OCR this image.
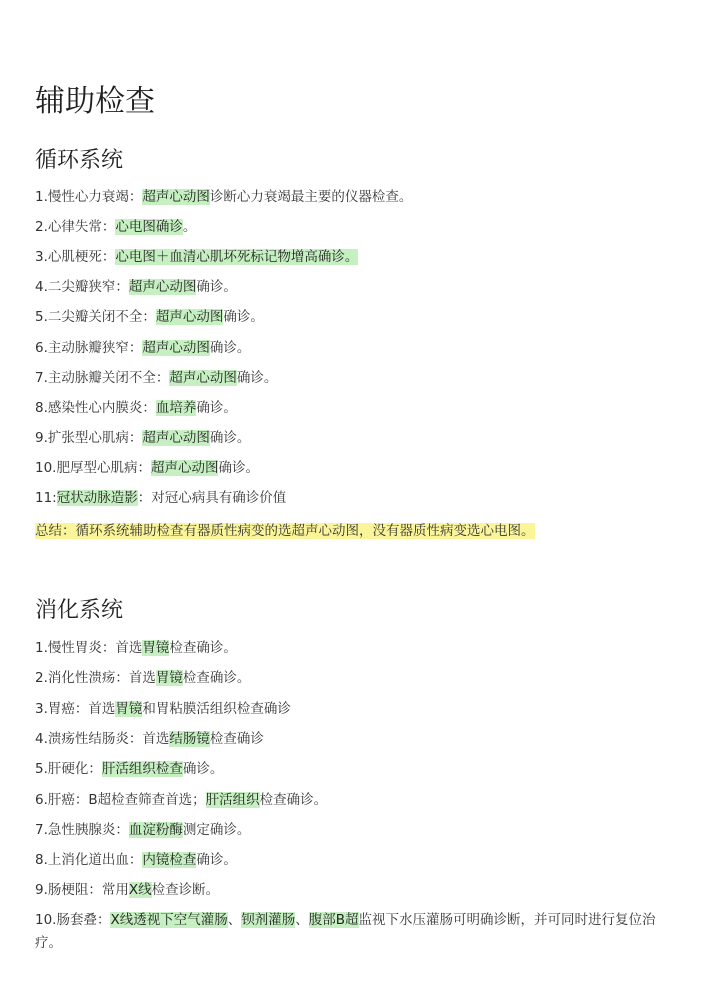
辅助检查
循环系统
1.慢性心力衰竭：超声心动图诊断心力衰竭最主要的仪器检查。
2.心律失常：心电图确诊。
3.心肌梗死：心电图＋血清心肌坏死标记物增高确诊。
4.二尖瓣狭窄：超声心动图确诊。
5.二尖瓣关闭不全：超声心动图确诊。
6.主动脉瓣狭窄：超声心动图确诊。
7.主动脉瓣关闭不全：超声心动图确诊。
8.感染性心内膜炎：血培养确诊。
9.扩张型心肌病：超声心动图确诊。
10.肥厚型心肌病：超声心动图确诊。
11:冠状动脉造影：对冠心病具有确诊价值
总结：循环系统辅助检查有器质性病变的选超声心动图，没有器质性病变选心电图。
消化系统
1.慢性胃炎：首选胃镜检查确诊。
2.消化性溃疡：首选胃镜检查确诊。
3.胃癌：首选胃镜和胃粘膜活组织检查确诊
4.溃疡性结肠炎：首选结肠镜检查确诊
5.肝硬化：肝活组织检查确诊。
6.肝癌：B超检查筛查首选；肝活组织检查确诊。
7.急性胰腺炎：血淀粉酶测定确诊。
8.上消化道出血：内镜检查确诊。
9.肠梗阻：常用X线检查诊断。
10.肠套叠：X线透视下空气灌肠、钡剂灌肠、腹部B超监视下水压灌肠可明确诊断，并可同时进行复位治疗。
